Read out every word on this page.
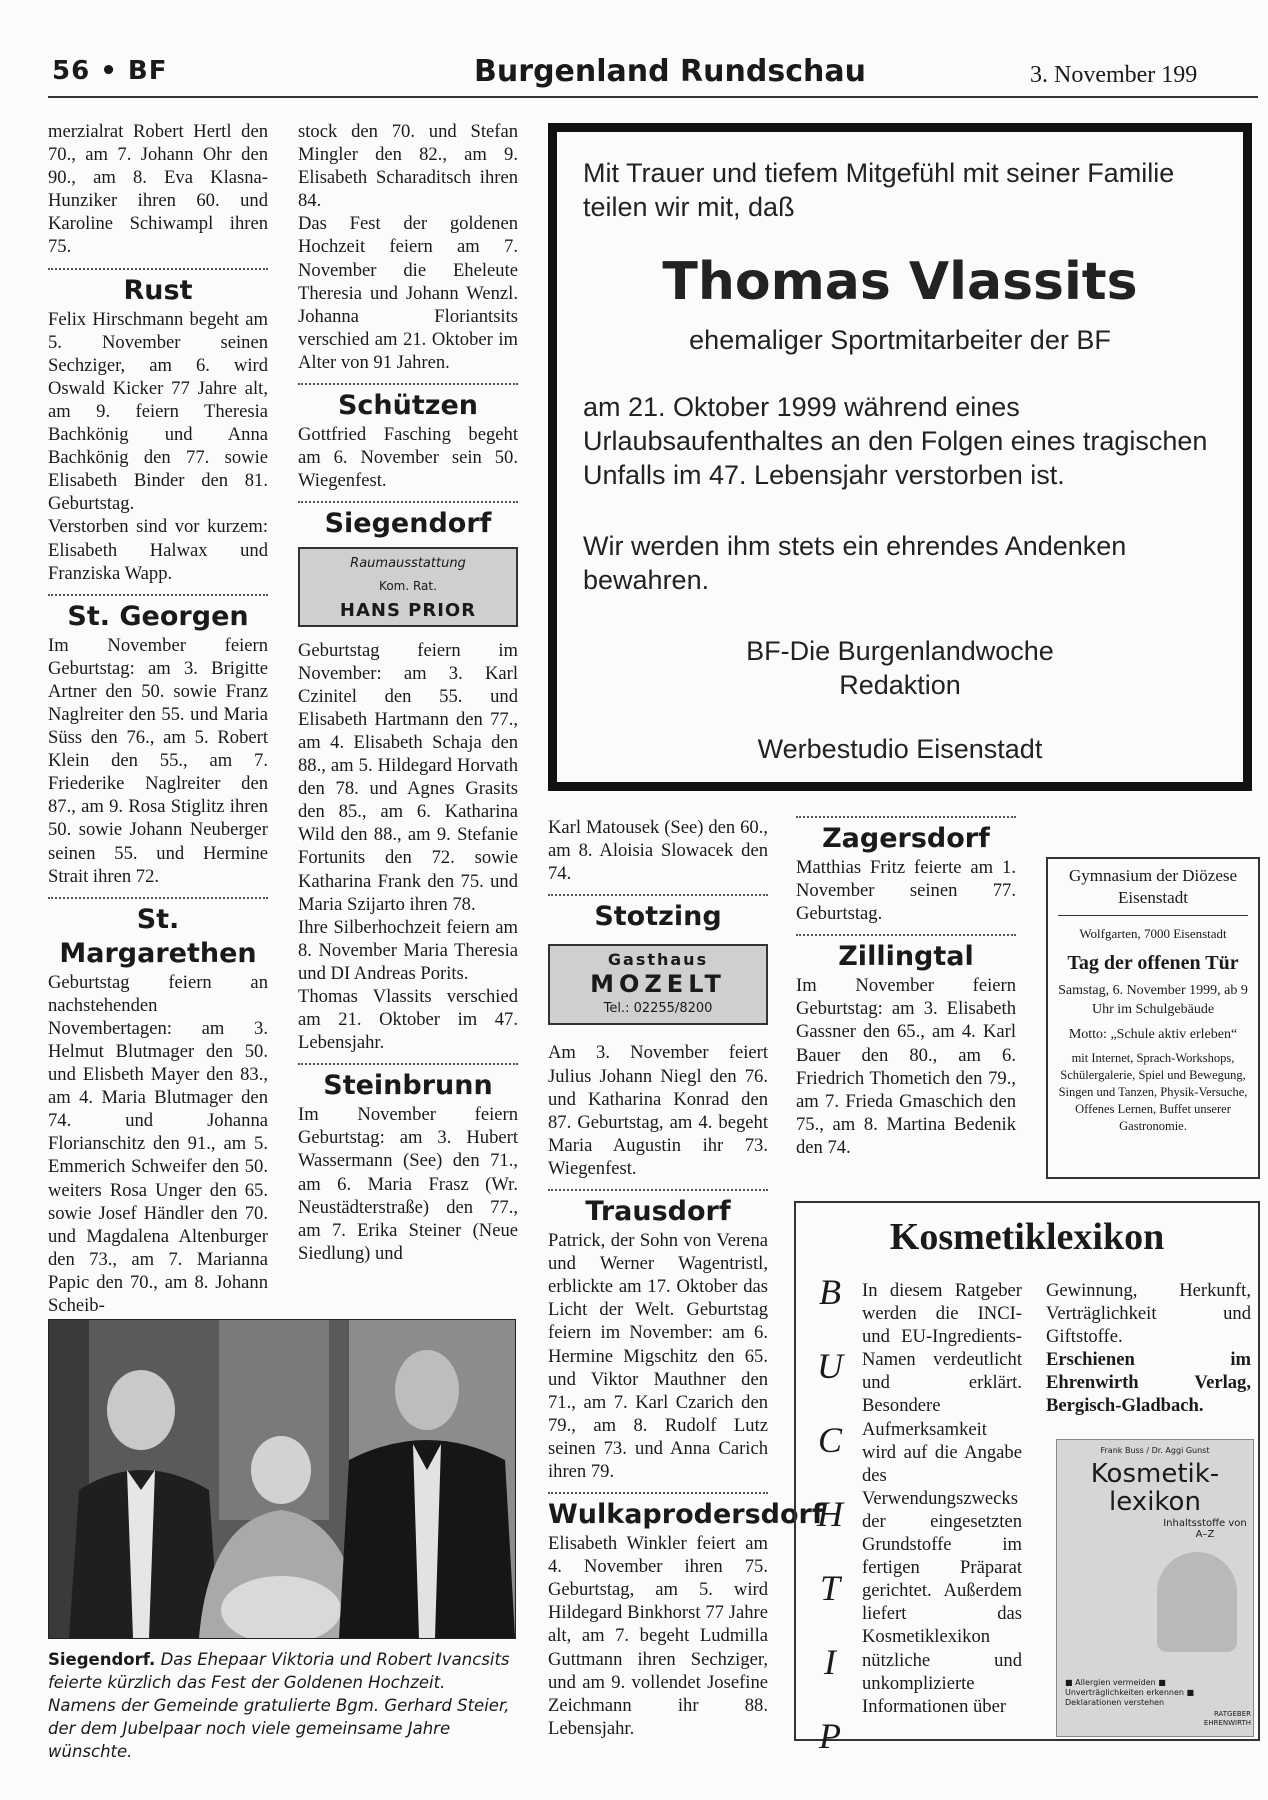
56 • BF	Burgenland Rundschau	3. November 199

merzialrat Robert Hertl den 70., am 7. Johann Ohr den 90., am 8. Eva Klasna-Hunziker ihren 60. und Karoline Schiwampl ihren 75.

Rust

Felix Hirschmann begeht am 5. November seinen Sechziger, am 6. wird Oswald Kicker 77 Jahre alt, am 9. feiern Theresia Bachkönig und Anna Bachkönig den 77. sowie Elisabeth Binder den 81. Geburtstag.

Verstorben sind vor kurzem: Elisabeth Halwax und Franziska Wapp.

St. Georgen

Im November feiern Geburtstag: am 3. Brigitte Artner den 50. sowie Franz Naglreiter den 55. und Maria Süss den 76., am 5. Robert Klein den 55., am 7. Friederike Naglreiter den 87., am 9. Rosa Stiglitz ihren 50. sowie Johann Neuberger seinen 55. und Hermine Strait ihren 72.

St. Margarethen

Geburtstag feiern an nachstehenden Novembertagen: am 3. Helmut Blutmager den 50. und Elisbeth Mayer den 83., am 4. Maria Blutmager den 74. und Johanna Florianschitz den 91., am 5. Emmerich Schweifer den 50. weiters Rosa Unger den 65. sowie Josef Händler den 70. und Magdalena Altenburger den 73., am 7. Marianna Papic den 70., am 8. Johann Scheib-

stock den 70. und Stefan Mingler den 82., am 9. Elisabeth Scharaditsch ihren 84.

Das Fest der goldenen Hochzeit feiern am 7. November die Eheleute Theresia und Johann Wenzl. Johanna Floriantsits verschied am 21. Oktober im Alter von 91 Jahren.

Schützen

Gottfried Fasching begeht am 6. November sein 50. Wiegenfest.

Siegendorf

Raumausstattung
Kom. Rat.
HANS PRIOR

Geburtstag feiern im November: am 3. Karl Czinitel den 55. und Elisabeth Hartmann den 77., am 4. Elisabeth Schaja den 88., am 5. Hildegard Horvath den 78. und Agnes Grasits den 85., am 6. Katharina Wild den 88., am 9. Stefanie Fortunits den 72. sowie Katharina Frank den 75. und Maria Szijarto ihren 78.

Ihre Silberhochzeit feiern am 8. November Maria Theresia und DI Andreas Porits.

Thomas Vlassits verschied am 21. Oktober im 47. Lebensjahr.

Steinbrunn

Im November feiern Geburtstag: am 3. Hubert Wassermann (See) den 71., am 6. Maria Frasz (Wr. Neustädterstraße) den 77., am 7. Erika Steiner (Neue Siedlung) und

Mit Trauer und tiefem Mitgefühl mit seiner Familie teilen wir mit, daß
Thomas Vlassits
ehemaliger Sportmitarbeiter der BF
am 21. Oktober 1999 während eines Urlaubsaufenthaltes an den Folgen eines tragischen Unfalls im 47. Lebensjahr verstorben ist.
Wir werden ihm stets ein ehrendes Andenken bewahren.
BF-Die Burgenlandwoche
Redaktion
Werbestudio Eisenstadt

Karl Matousek (See) den 60., am 8. Aloisia Slowacek den 74.

Stotzing

Gasthaus
MOZELT
Tel.: 02255/8200

Am 3. November feiert Julius Johann Niegl den 76. und Katharina Konrad den 87. Geburtstag, am 4. begeht Maria Augustin ihr 73. Wiegenfest.

Trausdorf

Patrick, der Sohn von Verena und Werner Wagentristl, erblickte am 17. Oktober das Licht der Welt. Geburtstag feiern im November: am 6. Hermine Migschitz den 65. und Viktor Mauthner den 71., am 7. Karl Czarich den 79., am 8. Rudolf Lutz seinen 73. und Anna Carich ihren 79.

Wulkaprodersdorf

Elisabeth Winkler feiert am 4. November ihren 75. Geburtstag, am 5. wird Hildegard Binkhorst 77 Jahre alt, am 7. begeht Ludmilla Guttmann ihren Sechziger, und am 9. vollendet Josefine Zeichmann ihr 88. Lebensjahr.

Zagersdorf

Matthias Fritz feierte am 1. November seinen 77. Geburtstag.

Zillingtal

Im November feiern Geburtstag: am 3. Elisabeth Gassner den 65., am 4. Karl Bauer den 80., am 6. Friedrich Thometich den 79., am 7. Frieda Gmaschich den 75., am 8. Martina Bedenik den 74.

Gymnasium der Diözese Eisenstadt
Wolfgarten, 7000 Eisenstadt
Tag der offenen Tür
Samstag, 6. November 1999, ab 9 Uhr im Schulgebäude
Motto: „Schule aktiv erleben“
mit Internet, Sprach-Workshops, Schülergalerie, Spiel und Bewegung, Singen und Tanzen, Physik-Versuche, Offenes Lernen, Buffet unserer Gastronomie.
Kosmetiklexikon
B
U
C
H
T
I
P
In diesem Ratgeber werden die INCI- und EU-Ingredients-Namen verdeutlicht und erklärt. Besondere Aufmerksamkeit wird auf die Angabe des Verwendungszwecks der eingesetzten Grundstoffe im fertigen Präparat gerichtet. Außerdem liefert das Kosmetiklexikon nützliche und unkomplizierte Informationen über
Gewinnung, Herkunft, Verträglichkeit und Giftstoffe.
Erschienen im Ehrenwirth Verlag, Bergisch-Gladbach.
Frank Buss / Dr. Aggi Gunst
Kosmetik-lexikon
Inhaltsstoffe von A–Z
■ Allergien vermeiden ■ Unverträglichkeiten erkennen ■ Deklarationen verstehen
RATGEBER EHRENWIRTH
Siegendorf. Das Ehepaar Viktoria und Robert Ivancsits feierte kürzlich das Fest der Goldenen Hochzeit. Namens der Gemeinde gratulierte Bgm. Gerhard Steier, der dem Jubelpaar noch viele gemeinsame Jahre wünschte.
